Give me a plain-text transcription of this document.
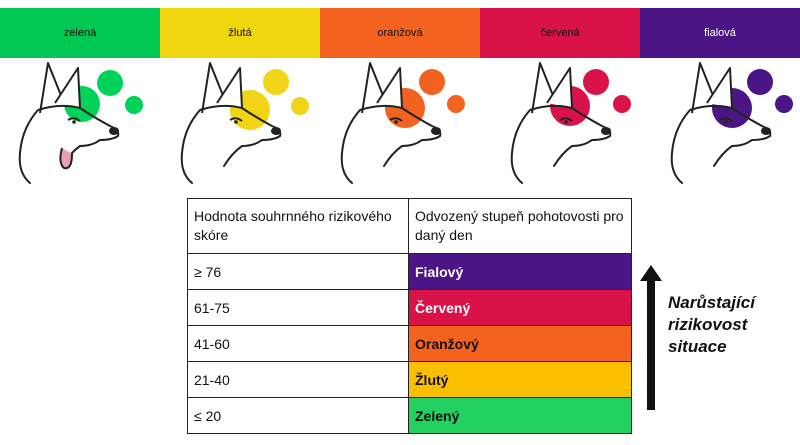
zelená	žlutá	oranžová	červená	fialová
Hodnota souhrnného rizikového skóre	Odvozený stupeň pohotovosti pro daný den
≥ 76	Fialový
61-75	Červený
41-60	Oranžový
21-40	Žlutý
≤ 20	Zelený
Narůstající rizikovost situace
